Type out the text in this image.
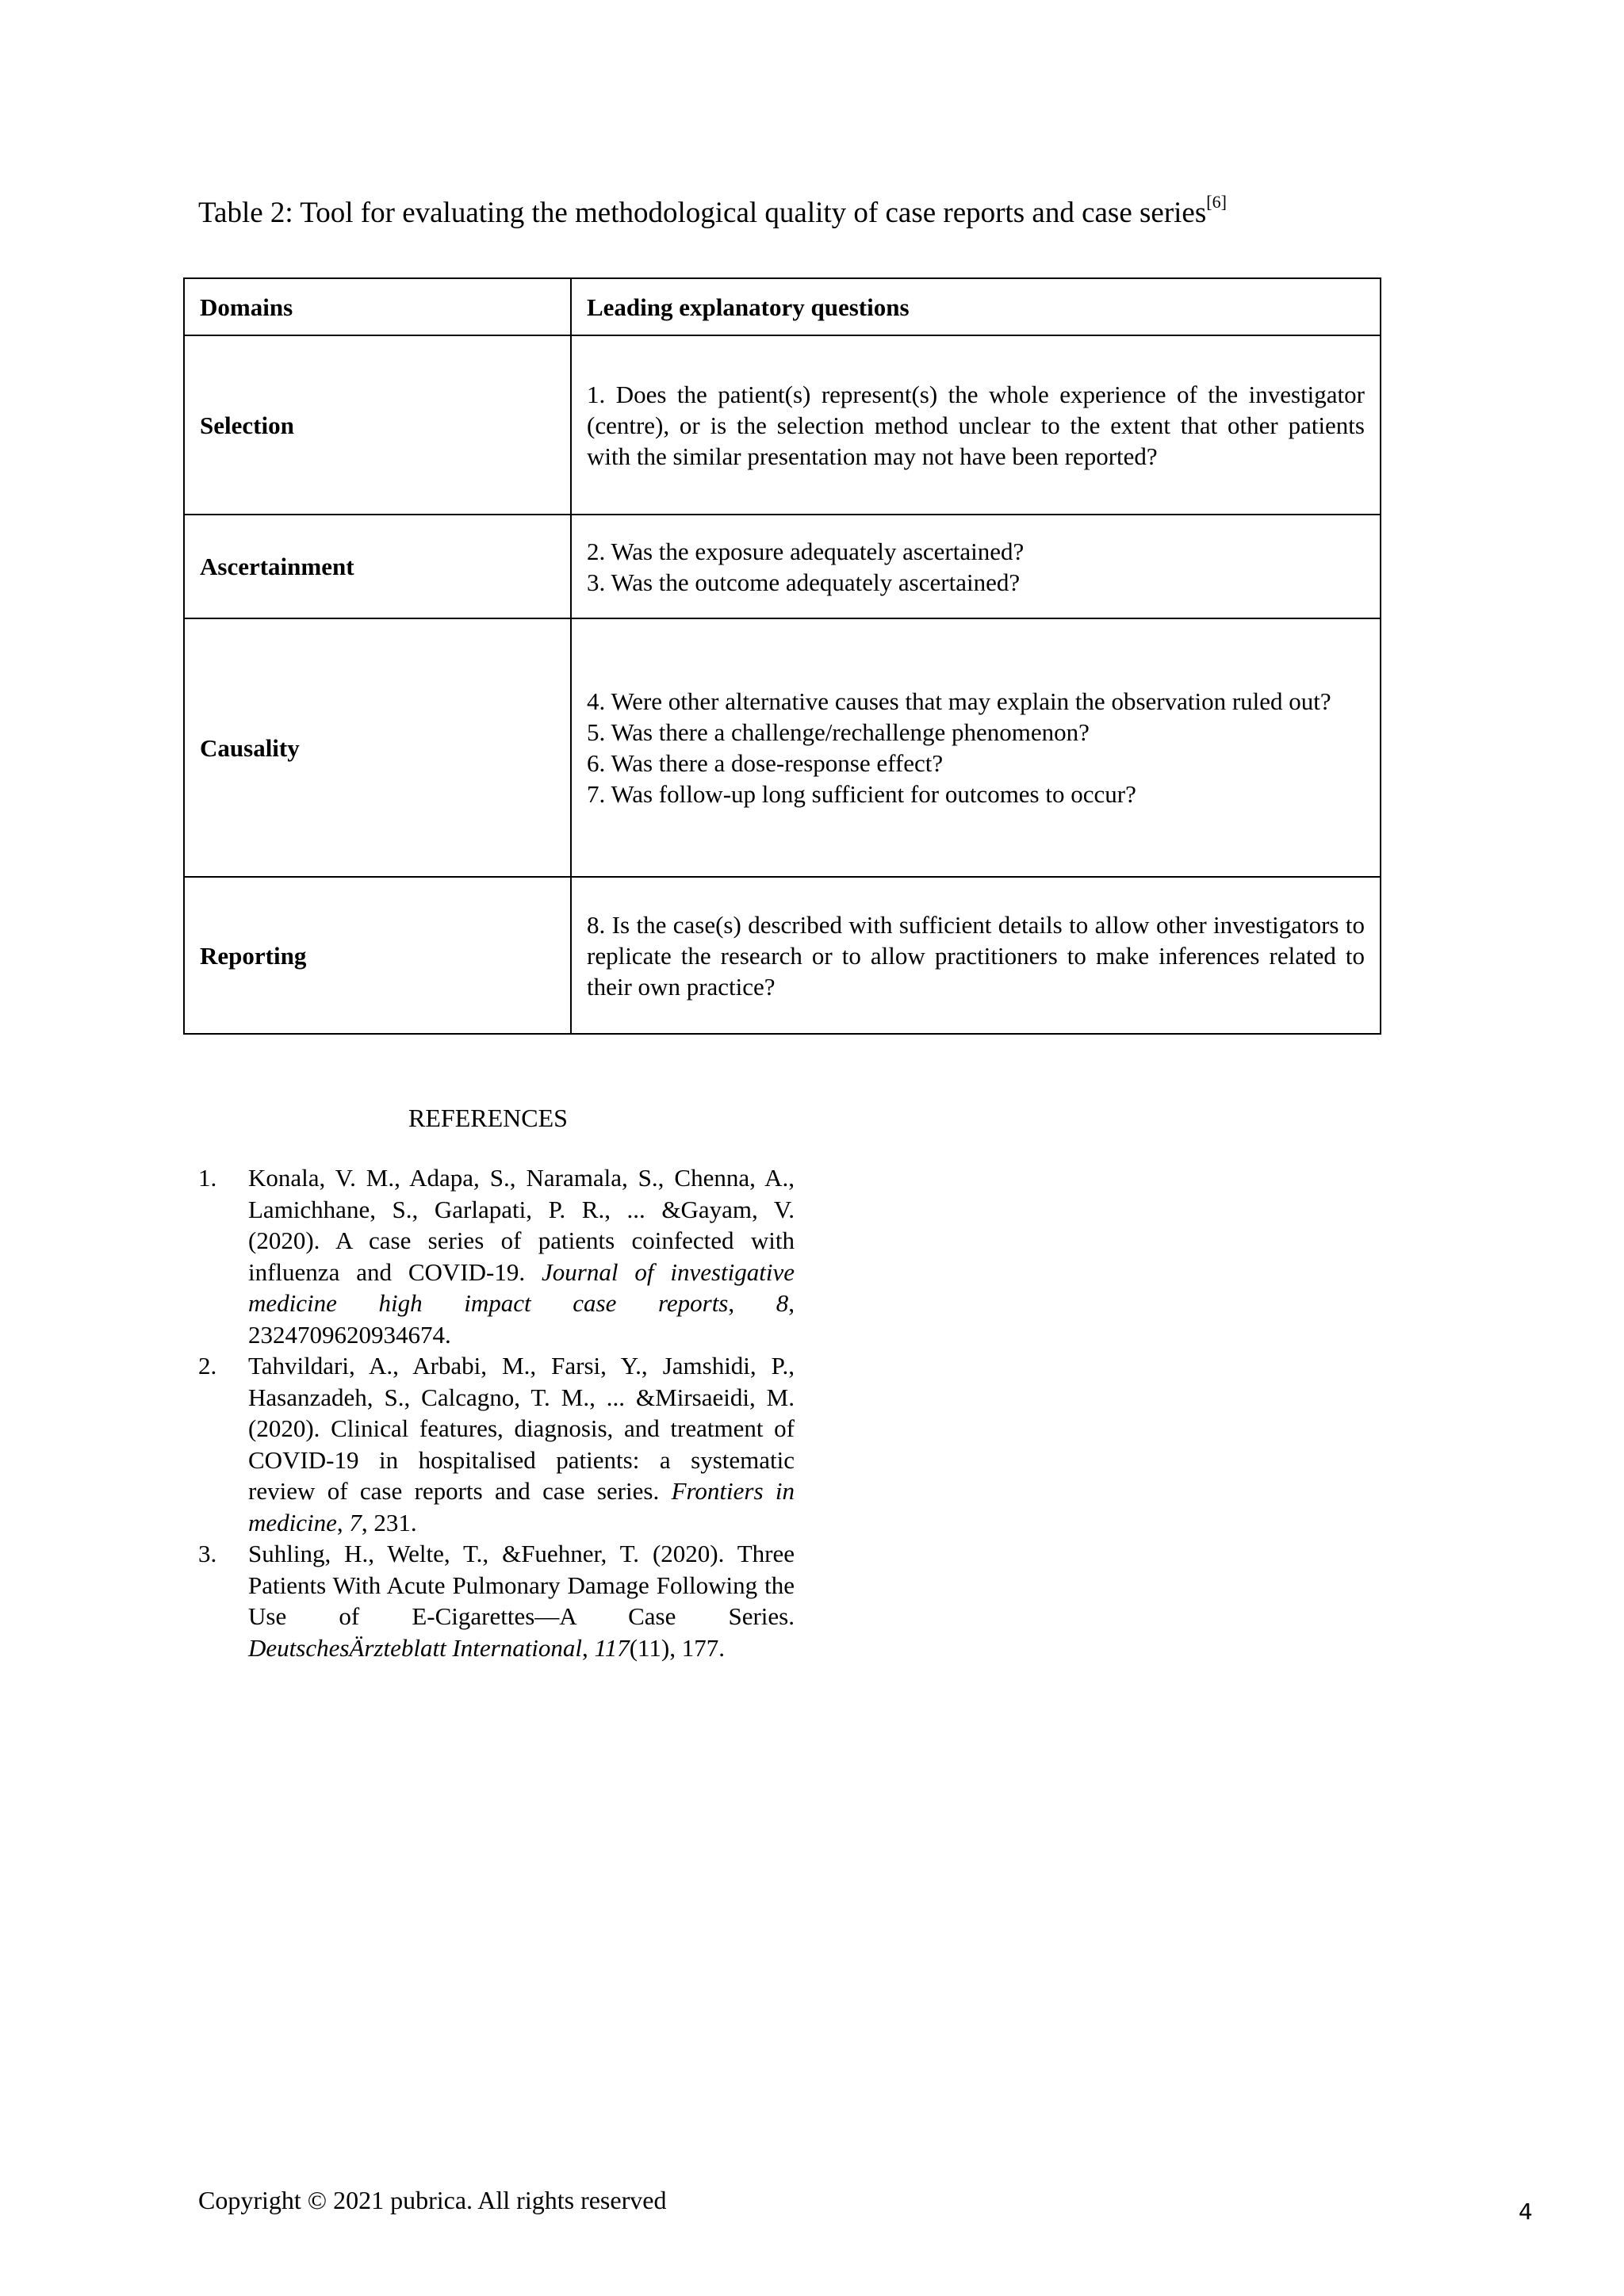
Table 2: Tool for evaluating the methodological quality of case reports and case series[6]
Domains	Leading explanatory questions
Selection	1. Does the patient(s) represent(s) the whole experience of the investigator (centre), or is the selection method unclear to the extent that other patients with the similar presentation may not have been reported?

Ascertainment	2. Was the exposure adequately ascertained?
3. Was the outcome adequately ascertained?

Causality	4. Were other alternative causes that may explain the observation ruled out?
5. Was there a challenge/rechallenge phenomenon?
6. Was there a dose-response effect?
7. Was follow-up long sufficient for outcomes to occur?

Reporting	8. Is the case(s) described with sufficient details to allow other investigators to replicate the research or to allow practitioners to make inferences related to their own practice?
REFERENCES
1. Konala, V. M., Adapa, S., Naramala, S., Chenna, A., Lamichhane, S., Garlapati, P. R., ... &Gayam, V. (2020). A case series of patients coinfected with influenza and COVID-19. Journal of investigative medicine high impact case reports, 8, 2324709620934674.
2. Tahvildari, A., Arbabi, M., Farsi, Y., Jamshidi, P., Hasanzadeh, S., Calcagno, T. M., ... &Mirsaeidi, M. (2020). Clinical features, diagnosis, and treatment of COVID-19 in hospitalised patients: a systematic review of case reports and case series. Frontiers in medicine, 7, 231.
3. Suhling, H., Welte, T., &Fuehner, T. (2020). Three Patients With Acute Pulmonary Damage Following the Use of E-Cigarettes—A Case Series. DeutschesÄrzteblatt International, 117(11), 177.
Copyright © 2021 pubrica. All rights reserved	4
